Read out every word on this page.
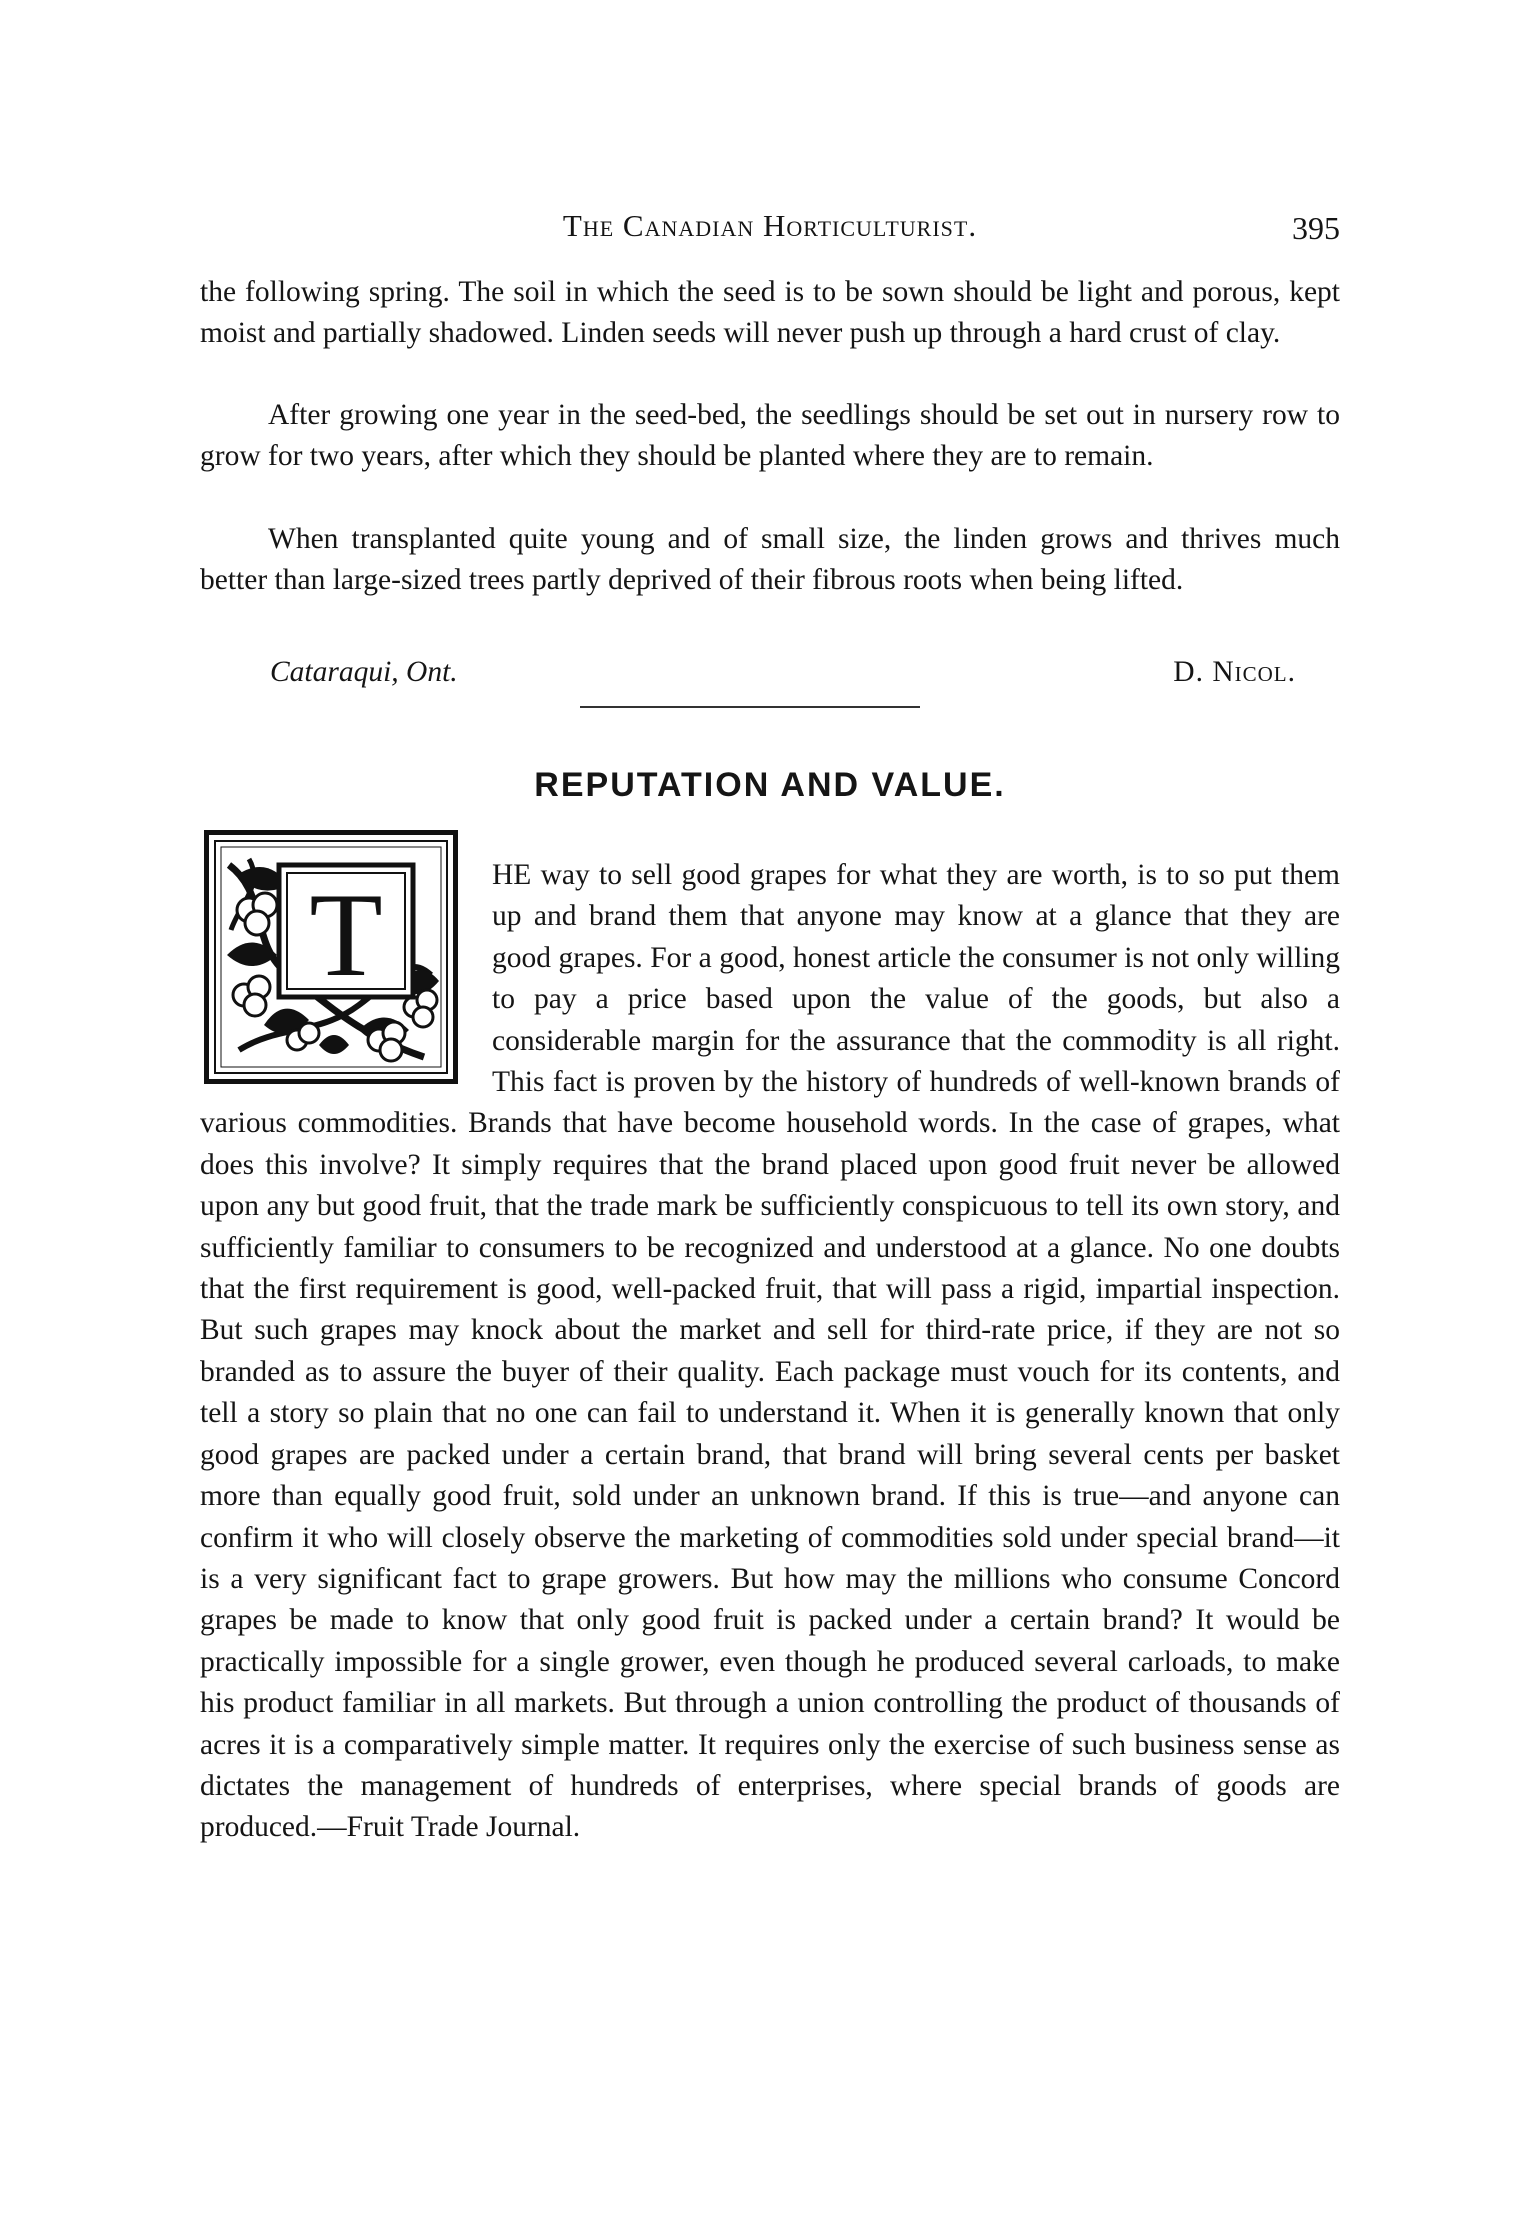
The Canadian Horticulturist.	395

the following spring. The soil in which the seed is to be sown should be light and porous, kept moist and partially shadowed. Linden seeds will never push up through a hard crust of clay.

After growing one year in the seed-bed, the seedlings should be set out in nursery row to grow for two years, after which they should be planted where they are to remain.

When transplanted quite young and of small size, the linden grows and thrives much better than large-sized trees partly deprived of their fibrous roots when being lifted.

Cataraqui, Ont.	D. Nicol.
REPUTATION AND VALUE.
T	HE way to sell good grapes for what they are worth, is to so put them up and brand them that anyone may know at a glance that they are good grapes. For a good, honest article the consumer is not only willing to pay a price based upon the value of the goods, but also a considerable margin for the assurance that the commodity is all right. This fact is proven by the history of hundreds of well-known brands of various commodities. Brands that have become household words. In the case of grapes, what does this involve? It simply requires that the brand placed upon good fruit never be allowed upon any but good fruit, that the trade mark be sufficiently conspicuous to tell its own story, and sufficiently familiar to consumers to be recognized and understood at a glance. No one doubts that the first requirement is good, well-packed fruit, that will pass a rigid, impartial inspection. But such grapes may knock about the market and sell for third-rate price, if they are not so branded as to assure the buyer of their quality. Each package must vouch for its contents, and tell a story so plain that no one can fail to understand it. When it is generally known that only good grapes are packed under a certain brand, that brand will bring several cents per basket more than equally good fruit, sold under an unknown brand. If this is true—and anyone can confirm it who will closely observe the marketing of commodities sold under special brand—it is a very significant fact to grape growers. But how may the millions who consume Concord grapes be made to know that only good fruit is packed under a certain brand? It would be practically impossible for a single grower, even though he produced several carloads, to make his product familiar in all markets. But through a union controlling the product of thousands of acres it is a comparatively simple matter. It requires only the exercise of such business sense as dictates the management of hundreds of enterprises, where special brands of goods are produced.—Fruit Trade Journal.
